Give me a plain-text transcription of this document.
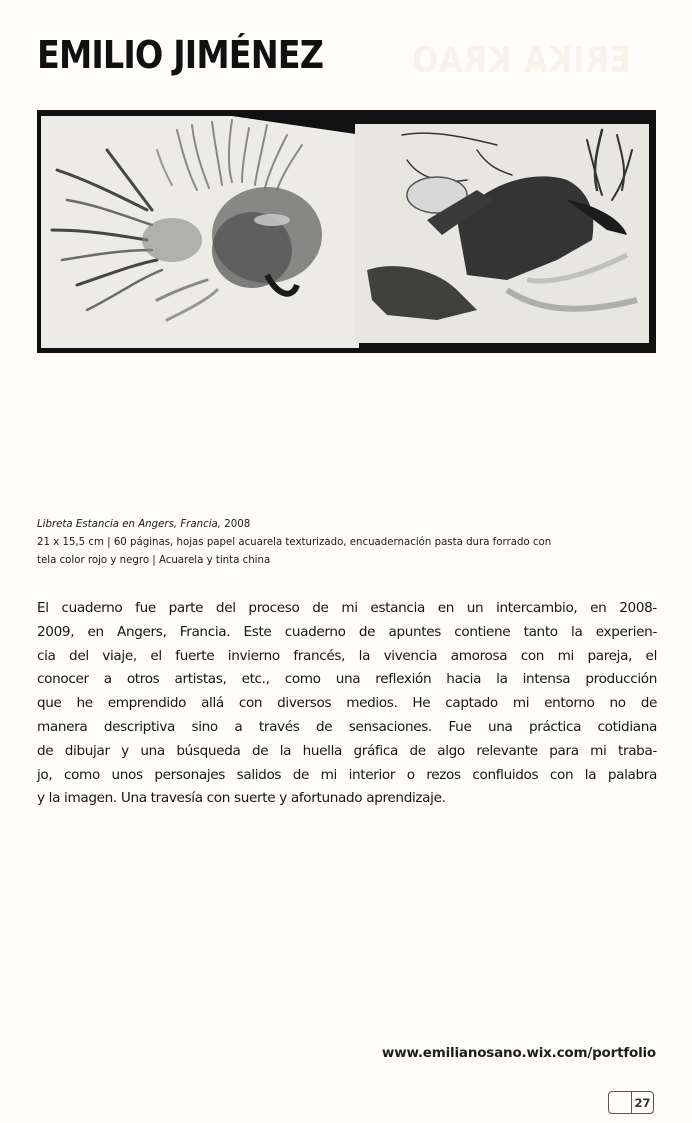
EMILIO JIMÉNEZ ERIKA KRAO
Libreta Estancia en Angers, Francia, 2008
21 x 15,5 cm | 60 páginas, hojas papel acuarela texturizado, encuadernación pasta dura forrado con
tela color rojo y negro | Acuarela y tinta china
El cuaderno fue parte del proceso de mi estancia en un intercambio, en 2008-
2009, en Angers, Francia. Este cuaderno de apuntes contiene tanto la experien-
cia del viaje, el fuerte invierno francés, la vivencia amorosa con mi pareja, el
conocer a otros artistas, etc., como una reflexión hacia la intensa producción
que he emprendido allá con diversos medios. He captado mi entorno no de
manera descriptiva sino a través de sensaciones. Fue una práctica cotidiana
de dibujar y una búsqueda de la huella gráfica de algo relevante para mi traba-
jo, como unos personajes salidos de mi interior o rezos confluidos con la palabra
y la imagen. Una travesía con suerte y afortunado aprendizaje.
www.emilianosano.wix.com/portfolio
27
